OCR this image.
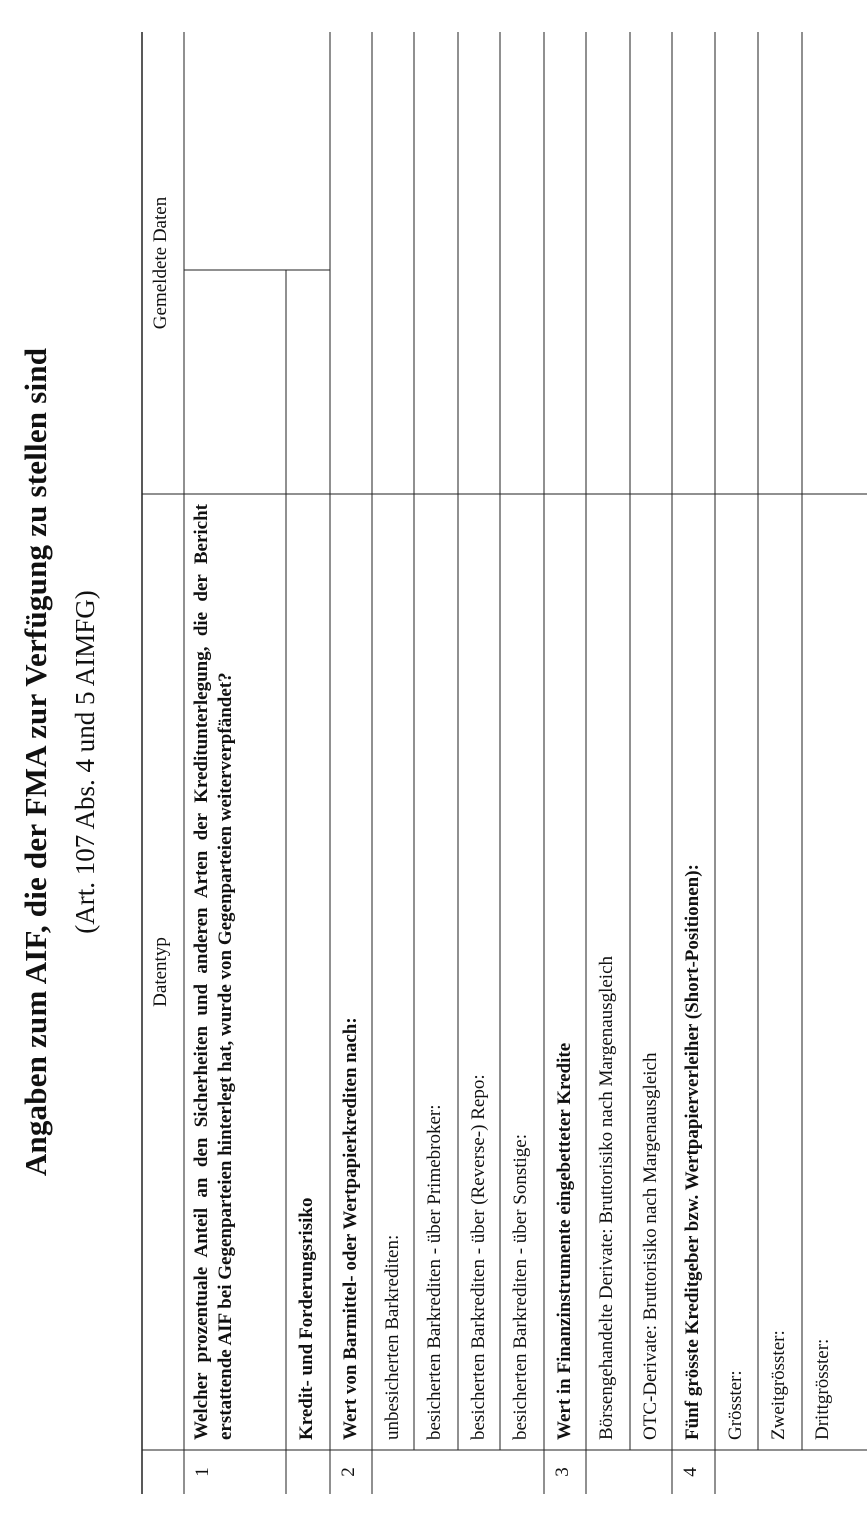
Angaben zum AIF, die der FMA zur Verfügung zu stellen sind (Art. 107 Abs. 4 und 5 AIMFG)
Datentyp
Gemeldete Daten
1
Welcher prozentuale Anteil an den Sicherheiten und anderen Arten der Kreditunterlegung, die der Bericht erstattende AIF bei Gegenparteien hinterlegt hat, wurde von Gegenparteien weiterverpfändet?	Kredit- und Forderungsrisiko
2
Wert von Barmittel- oder Wertpapierkrediten nach: unbesicherten Barkrediten: besicherten Barkrediten - über Primebroker: besicherten Barkrediten - über (Reverse-) Repo: besicherten Barkrediten - über Sonstige:
3
Wert in Finanzinstrumente eingebetteter Kredite Börsengehandelte Derivate: Bruttorisiko nach Margenausgleich OTC-Derivate: Bruttorisiko nach Margenausgleich
4
Fünf grösste Kreditgeber bzw. Wertpapierverleiher (Short-Positionen): Grösster: Zweitgrösster: Drittgrösster:
